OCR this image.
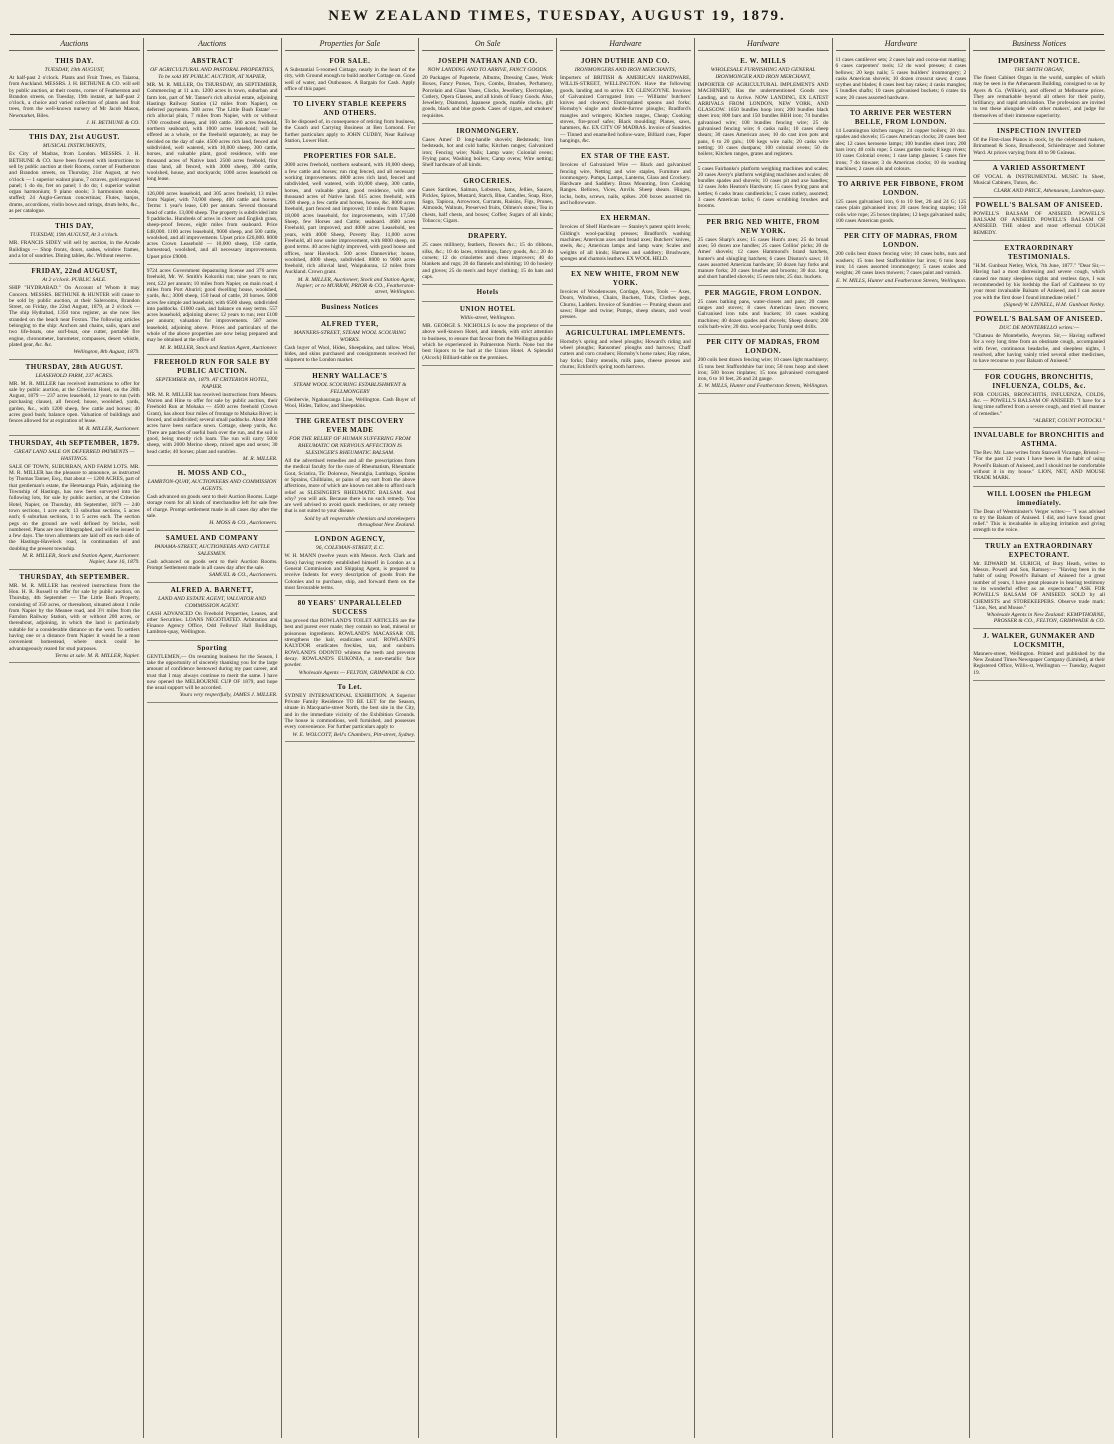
NEW ZEALAND TIMES, TUESDAY, AUGUST 19, 1879.
Auctions
THIS DAY.
TUESDAY, 19th AUGUST,
At half-past 2 o'clock. Plants and Fruit Trees, ex Taiaroa, from Auckland. MESSRS. J. H. BETHUNE & CO. will sell by public auction, at their rooms, corner of Featherston and Brandon streets, on Tuesday, 19th instant, at half-past 2 o'clock, a choice and varied collection of plants and fruit trees, from the well-known nursery of Mr Jacob Mason, Newmarket, Biles.
J. H. BETHUNE & CO.
THIS DAY, 21st AUGUST.
MUSICAL INSTRUMENTS,
Ex City of Madras, from London. MESSRS. J. H. BETHUNE & CO. have been favored with instructions to sell by public auction at their Rooms, corner of Featherston and Brandon streets, on Thursday, 21st August, at two o'clock — 1 superior walnut piano, 7 octaves, gold engraved panel; 1 do do, fret on panel; 1 do do; 1 superior walnut organ harmonium; 9 plano stools; 3 harmonium stools, stuffed; 24 Anglo-German concertinas; Flutes, banjos, drums, accordions, violin bows and strings, drum belts, &c., as per catalogue.
THIS DAY,
TUESDAY, 19th AUGUST, At 3 o'clock.
MR. FRANCIS SIDEY will sell by auction, in the Arcade Buildings — Shop fronts, doors, sashes, window frames, and a lot of sundries. Dining tables, &c. Without reserve.
FRIDAY, 22nd AUGUST,
At 2 o'clock. PUBLIC SALE.
SHIP "HYDRABAD." On Account of Whom it may Concern. MESSRS. BETHUNE & HUNTER will cause to be sold by public auction, at their Salerooms, Brandon Street, on Friday, the 22nd August, 1879, at 2 o'clock — The ship Hydrabad, 1350 tons register, as she now lies stranded on the beach near Foxton. The following articles belonging to the ship: Anchors and chains, sails, spars and two life-boats, one surf-boat, one cutter, portable fire engine, chronometer, barometer, compasses, desert whistle, plated gear, &c. &c.
Wellington, 8th August, 1879.
THURSDAY, 28th AUGUST.
LEASEHOLD FARM, 237 ACRES.
MR. M. R. MILLER has received instructions to offer for sale by public auction, at the Criterion Hotel, on the 28th August, 1879 — 237 acres leasehold, 12 years to run (with purchasing clause), all fenced; house, woolshed, yards, garden, &c., with 1200 sheep, few cattle and horses; 40 acres good bush; balance open. Valuation of buildings and fences allowed for at expiration of lease.
M. R. MILLER, Auctioneer.
THURSDAY, 4th SEPTEMBER, 1879.
GREAT LAND SALE ON DEFERRED PAYMENTS — HASTINGS.
SALE OF TOWN, SUBURBAN, AND FARM LOTS. MR. M. R. MILLER has the pleasure to announce, as instructed by Thomas Tanner, Esq., that about — 1200 ACRES, part of that gentleman's estate, the Heretaunga Plain, adjoining the Township of Hastings, has now been surveyed into the following lots, for sale by public auction, at the Criterion Hotel, Napier, on Thursday, 4th September, 1879 — 240 town sections, 1 acre each; 13 suburban sections, 5 acres each; 6 suburban sections, 1 to 5 acres each. The section pegs on the ground are well defined by bricks, well numbered. Plans are now lithographed, and will be issued in a few days. The town allotments are laid off on each side of the Hastings-Havelock road, in continuation of and doubling the present township.
M. R. MILLER, Stock and Station Agent, Auctioneer. Napier, June 16, 1879.
THURSDAY, 4th SEPTEMBER.
MR. M. R. MILLER has received instructions from the Hon. H. R. Russell to offer for sale by public auction, on Thursday, 4th September — The Little Bush Property, consisting of 350 acres, or thereabout, situated about 1 mile from Napier by the Meanee road, and 3½ miles from the Farndon Railway Station, with or without 200 acres, or thereabout, adjoining, in which the land is particularly suitable for a considerable distance on the west. To settlers having one or a distance from Napier it would be a most convenient homestead, where stock could be advantageously reared for stud purposes.
Terms at sale. M. R. MILLER, Napier.
Auctions
ABSTRACT
OF AGRICULTURAL AND PASTORAL PROPERTIES, To be sold BY PUBLIC AUCTION, AT NAPIER,
MR. M. R. MILLER, On THURSDAY, 4th SEPTEMBER, Commencing at 11 a.m. 1200 acres in town, suburban and farm lots, part of Mr. Tanner's rich alluvial estate, adjoining Hastings Railway Station (12 miles from Napier), on deferred payments. 300 acres 'The Little Bush Estate' — rich alluvial plain, 7 miles from Napier, with or without 1700 crossbred sheep, and 160 cattle. 300 acres freehold, northern seaboard, with 1000 acres leasehold; will be offered as a whole, or the freehold separately, as may be decided on the day of sale. 4500 acres rich land, fenced and subdivided, well watered, with 10,000 sheep, 300 cattle, horses, and valuable plant, good residence, with one thousand acres of Native land. 2500 acres freehold, first class land, all fenced, with 3000 sheep, 300 cattle, woolshed, house, and stockyards; 1000 acres leasehold on long lease.
126,000 acres leasehold, and 305 acres freehold, 13 miles from Napier, with 74,000 sheep, 400 cattle and horses. Terms: 1 year's lease, £40 per annum. Several thousand head of cattle. 13,000 sheep. The property is subdivided into 9 paddocks. Hundreds of acres in clover and English grass, sheep-proof fences, eight miles from seaboard. Price £48,000. 1100 acres leasehold, 9000 sheep, and 500 cattle, woolshed, and all improvements. Upset price £26,000. 8000 acres Crown Leasehold — 10,000 sheep, 150 cattle, homestead, woolshed, and all necessary improvements. Upset price £9000.
9724 acres Government depasturing license and 376 acres freehold, Mr. W. Smith's Kokoriki run; nine years to run; rent, £22 per annum; 10 miles from Napier, on main road; 4 miles from Port Ahuriri; good dwelling house, woolshed, yards, &c.; 3000 sheep, 150 head of cattle, 20 horses. 5000 acres fee simple and leasehold, with 6500 sheep, subdivided into paddocks. £1000 cash, and balance on easy terms. 557 acres leasehold, adjoining above; 12 years to run; rent £100 per annum; valuation for improvements. 587 acres leasehold, adjoining above. Prices and particulars of the whole of the above properties are now being prepared and may be obtained at the office of
M. R. MILLER, Stock and Station Agent, Auctioneer.
FREEHOLD RUN FOR SALE BY PUBLIC AUCTION.
SEPTEMBER 4th, 1879. AT CRITERION HOTEL, NAPIER.
MR. M. R. MILLER has received instructions from Messrs. Warren and Hine to offer for sale by public auction, their Freehold Run at Mohaka — 4500 acres freehold (Crown Grant), has about four miles of frontage to Mohaka River; is fenced, and subdivided; several small paddocks. About 3000 acres have been surface sown. Cottage, sheep yards, &c. There are patches of useful bush over the run, and the soil is good, being mostly rich loam. The run will carry 5000 sheep, with 2000 Merino sheep, mixed ages and sexes; 30 head cattle; 40 horses; plant and sundries.
M. R. MILLER.
H. MOSS AND CO.,
LAMBTON-QUAY, AUCTIONEERS AND COMMISSION AGENTS.
Cash advanced on goods sent to their Auction Rooms. Large storage room for all kinds of merchandise left for sale free of charge. Prompt settlement made in all cases day after the sale.
H. MOSS & CO., Auctioneers.
SAMUEL AND COMPANY
PANAMA-STREET, AUCTIONEERS AND CATTLE SALESMEN.
Cash advanced on goods sent to their Auction Rooms. Prompt Settlement made in all cases day after the sale.
SAMUEL & CO., Auctioneers.
ALFRED A. BARNETT,
LAND AND ESTATE AGENT, VALUATOR AND COMMISSION AGENT.
CASH ADVANCED On Freehold Properties, Leases, and other Securities. LOANS NEGOTIATED. Arbitration and Finance Agency Office, Odd Fellows' Hall Buildings, Lambton-quay, Wellington.
Sporting
GENTLEMEN,— On resuming business for the Season, I take the opportunity of sincerely thanking you for the large amount of confidence bestowed during my past career, and trust that I may always continue to merit the same. I have now opened the MELBOURNE CUP OF 1879, and hope the usual support will be accorded.
Yours very respectfully, JAMES J. MILLER.
Properties for Sale
FOR SALE.
A Substantial 5-roomed Cottage, nearly in the heart of the city, with Ground enough to build another Cottage on. Good well of water, and Outhouses. A Bargain for Cash. Apply office of this paper.
TO LIVERY STABLE KEEPERS AND OTHERS.
To be disposed of, in consequence of retiring from business, the Coach and Carrying Business at Ben Lomond. For further particulars apply to JOHN CUDBY, Near Railway Station, Lower Hutt.
PROPERTIES FOR SALE.
3000 acres freehold, northern seaboard, with 10,000 sheep, a few cattle and horses; run ring fenced, and all necessary working improvements. 4800 acres rich land, fenced and subdivided, well watered, with 10,000 sheep, 300 cattle, horses, and valuable plant, good residence, with one thousand acres of Native land. 615 acres freehold, with 1200 sheep, a few cattle and horses, house, &c. 8000 acres freehold, part fenced and improved; 10 miles from Napier. 18,000 acres leasehold, for improvements, with 17,500 Sheep, few Horses and Cattle; seaboard. 4600 acres Freehold, part improved, and 4000 acres Leasehold, ten years, with 4000 Sheep, Poverty Bay. 11,000 acres Freehold, all now under improvement, with 8000 sheep, on good terms. 40 acres highly improved, with good house and offices, near Havelock. 500 acres Dannevirke; house, woolshed, 4000 sheep, subdivided. 8000 to 9000 acres freehold, rich alluvial land, Waipukurau, 12 miles from Auckland. Crown grant.
M. R. MILLER, Auctioneer, Stock and Station Agent, Napier; or to MURRAY, PRIOR & CO., Featherston-street, Wellington.
Business Notices
ALFRED TYER,
MANNERS-STREET, STEAM WOOL SCOURING WORKS.
Cash buyer of Wool, Hides, Sheepskins, and tallow. Wool, hides, and skins purchased and consignments received for shipment to the London market.
HENRY WALLACE'S
STEAM WOOL SCOURING ESTABLISHMENT & FELLMONGERY
Glenbervie, Ngahauranga Line, Wellington. Cash Buyer of Wool, Hides, Tallow, and Sheepskins.
THE GREATEST DISCOVERY EVER MADE
FOR THE RELIEF OF HUMAN SUFFERING FROM RHEUMATIC OR NERVOUS AFFECTION IS SLESINGER'S RHEUMATIC BALSAM.
All the advertised remedies and all the prescriptions from the medical faculty for the cure of Rheumatism, Rheumatic Gout, Sciatica, Tic Doloreux, Neuralgia, Lumbago, Sprains or Sprains, Chilblains, or pains of any sort from the above affections, more of which are known not able to afford such relief as SLESINGER'S RHEUMATIC BALSAM. And why? you will ask. Because there is no such remedy. You are well advised to avoid quack medicines, or any remedy that is not suited to your disease.
Sold by all respectable chemists and storekeepers throughout New Zealand.
LONDON AGENCY,
96, COLEMAN-STREET, E.C.
W. H. MANN (twelve years with Messrs. Arch. Clark and Sons) having recently established himself in London as a General Commission and Shipping Agent, is prepared to receive Indents for every description of goods from the Colonies and to purchase, ship, and forward them on the most favourable terms.
80 YEARS' UNPARALLELED SUCCESS
has proved that ROWLAND'S TOILET ARTICLES are the best and purest ever made; they contain no lead, mineral or poisonous ingredients. ROWLAND'S MACASSAR OIL strengthens the hair, eradicates scurf. ROWLAND'S KALYDOR eradicates freckles, tan, and sunburn. ROWLAND'S ODONTO whitens the teeth and prevents decay. ROWLAND'S EUKONIA, a non-metallic face powder.
Wholesale Agents — FELTON, GRIMWADE & CO.
To Let.
SYDNEY INTERNATIONAL EXHIBITION. A Superior Private Family Residence TO BE LET for the Season, situate in Macquarie-street North, the best site in the City, and in the immediate vicinity of the Exhibition Grounds. The house is commodious, well furnished, and possesses every convenience. For further particulars apply to
W. E. WOLCOTT, Bell's Chambers, Pitt-street, Sydney.
On Sale
JOSEPH NATHAN AND CO.
NOW LANDING AND TO ARRIVE, FANCY GOODS.
20 Packages of Papeterie, Albums, Dressing Cases, Work Boxes, Fancy Purses, Toys, Combs, Brushes, Perfumery, Porcelain and Glass Vases, Clocks, Jewellery, Electroplate, Cutlery, Opera Glasses, and all kinds of Fancy Goods. Also, Jewellery, Diamond, Japanese goods, marble clocks, gilt goods, black and blue goods. Cases of cigars, and smokers' requisites.
IRONMONGERY.
Cases Ames' D long-handle shovels; Bedsteads; Iron bedsteads, hot and cold baths; Kitchen ranges; Galvanized iron; Fencing wire; Nails; Lamp ware; Colonial ovens; Frying pans; Washing boilers; Camp ovens; Wire netting; Shelf hardware of all kinds.
GROCERIES.
Cases Sardines, Salmon, Lobsters, Jams, Jellies, Sauces, Pickles, Spices, Mustard, Starch, Blue, Candles, Soap, Rice, Sago, Tapioca, Arrowroot, Currants, Raisins, Figs, Prunes, Almonds, Walnuts, Preserved fruits, Oilmen's stores; Tea in chests, half chests, and boxes; Coffee; Sugars of all kinds; Tobacco; Cigars.
DRAPERY.
25 cases millinery, feathers, flowers &c.; 15 do ribbons, silks, &c.; 10 do laces, trimmings, fancy goods, &c.; 20 do corsets; 12 do crinolettes and dress improvers; 40 do blankets and rugs; 20 do flannels and shirting; 10 do hosiery and gloves; 25 do men's and boys' clothing; 15 do hats and caps.
Hotels
UNION HOTEL
Willis-street, Wellington.
MR. GEORGE S. NICHOLLS Is now the proprietor of the above well-known Hotel, and intends, with strict attention to business, to ensure that favour from the Wellington public which he experienced in Palmerston North. None but the best liquors to be had at the Union Hotel. A Splendid (Alcock) Billiard-table on the premises.
Hardware
JOHN DUTHIE AND CO.
IRONMONGERS AND IRON MERCHANTS,
Importers of BRITISH & AMERICAN HARDWARE, WILLIS-STREET, WELLINGTON. Have the following goods, landing and to arrive. EX GLENGOYNE. Invoices of Galvanized Corrugated Iron — Williams' butchers' knives and cleavers; Electroplated spoons and forks; Hornsby's single and double-furrow ploughs; Bradford's mangles and wringers; Kitchen ranges, Cheap; Cooking stoves, fire-proof safes; Black moulding; Planes, saws, hammers, &c. EX CITY OF MADRAS. Invoice of Sundries — Tinned and enamelled hollow-ware, Billiard cues, Paper hangings, &c.
EX STAR OF THE EAST.
Invoices of Galvanized Wire — Black and galvanized fencing wire, Netting and wire staples, Furniture and ironmongery. Pumps, Lamps, Lanterns, Glass and Crockery. Hardware and Saddlery. Brass Mounting, Iron Cooking Ranges. Bellows, Vices, Anvils. Sheep shears. Hinges, locks, bolts, screws, nails, spikes. 200 boxes assorted tin and hollowware.
EX HERMAN.
Invoices of Shelf Hardware — Stanley's patent spirit levels; Gilding's wool-packing presses; Bradford's washing machines; American axes and broad axes; Butchers' knives, steels, &c.; American lamps and lamp ware; Scales and weights of all kinds; Harness and saddlery; Brushware, sponges and chamois leathers. EX WOOL HELD.
EX NEW WHITE, FROM NEW YORK.
Invoices of Woodenware, Cordage, Axes, Tools — Axes, Doors, Windows, Chairs, Buckets, Tubs, Clothes pegs, Churns, Ladders. Invoice of Sundries — Pruning shears and saws; Rope and twine; Pumps, sheep shears, and wool presses.
AGRICULTURAL IMPLEMENTS.
Hornsby's spring and wheel ploughs; Howard's riding and wheel ploughs; Ransomes' ploughs and harrows; Chaff cutters and corn crushers; Hornsby's horse rakes; Hay rakes, hay forks; Dairy utensils, milk pans, cheese presses and churns; Eckford's spring tooth harrows.
Hardware
E. W. MILLS
WHOLESALE FURNISHING AND GENERAL IRONMONGER AND IRON MERCHANT,
IMPORTER OF AGRICULTURAL IMPLEMENTS AND MACHINERY, Has the undermentioned Goods now Landing, and to Arrive. NOW LANDING, EX LATEST ARRIVALS FROM LONDON, NEW YORK, AND GLASGOW. 1650 bundles hoop iron; 200 bundles black sheet iron; 800 bars and 150 bundles BBH iron; 74 bundles galvanised wire; 100 bundles fencing wire; 25 do galvanised fencing wire; 6 casks nails; 10 cases sheep shears; 30 cases American axes; 10 do cast iron pots and pans, 6 to 20 gals.; 100 kegs wire nails; 20 casks wire netting; 10 cases dustpans; 100 colonial ovens; 50 do boilers; Kitchen ranges, grates and registers.
5 cases Fairbanks's platform weighing machines and scales; 20 cases Avery's platform weighing machines and scales; 40 bundles spades and shovels; 10 cases pit and axe handles; 12 cases John Heaton's Hardware; 15 cases frying pans and kettles; 6 casks brass candlesticks; 5 cases cutlery, assorted; 3 cases American tacks; 6 cases scrubbing brushes and brooms.
PER BRIG NED WHITE, FROM NEW YORK.
25 cases Sharp's axes; 15 cases Hunt's axes; 25 do broad axes; 50 dozen axe handles; 25 cases Collins' picks; 20 do Ames' shovels; 12 cases Hammond's brand hatchets, hunter's and shingling hatchets; 6 cases Disston's saws; 10 cases assorted American hardware; 50 dozen hay forks and manure forks; 20 cases brushes and brooms; 30 doz. long and short handled shovels; 15 nests tubs; 25 doz. buckets.
PER MAGGIE, FROM LONDON.
25 cases bathing pans, water-closets and pans; 20 cases ranges and stoves; 8 cases American lawn mowers; Galvanised iron tubs and buckets; 10 cases washing machines; 40 dozen spades and shovels; Sheep shears; 200 coils barb-wire; 20 doz. wool-packs; Turnip seed drills.
PER CITY OF MADRAS, FROM LONDON.
200 coils best drawn fencing wire; 10 cases light machinery; 15 tons best Staffordshire bar iron; 50 tons hoop and sheet iron; 500 boxes tinplates; 15 tons galvanised corrugated iron, 6 to 10 feet, 26 and 24 gauge.
E. W. MILLS, Hunter and Featherston Streets, Wellington.
Hardware
11 cases cantilever sets; 2 cases hair and cocoa-nut matting; 6 cases carpenters' tools; 12 do wool presses; 4 cases bellows; 20 kegs nails; 5 cases builders' ironmongery; 2 casks American shovels; 10 dozen crosscut saws; 4 cases scythes and blades; 8 cases best hay rakes; 4 casks mangles; 5 bundles shafts; 10 cases galvanised buckets; 6 crates tin ware; 20 cases assorted hardware.
TO ARRIVE PER WESTERN BELLE, FROM LONDON.
14 Leamington kitchen ranges; 24 copper boilers; 20 doz. spades and shovels; 15 cases American clocks; 20 cases best ales; 12 cases kerosene lamps; 100 bundles sheet iron; 200 bars iron; 40 coils rope; 5 cases garden tools; 8 kegs rivets; 10 cases Colonial ovens; 1 case lamp glasses; 5 cases fire irons; 7 do tinware; 3 do American clocks; 10 do washing machines; 2 cases oils and colours.
TO ARRIVE PER FIBBONE, FROM LONDON.
125 cases galvanised iron, 6 to 10 feet, 26 and 24 G; 125 cases plain galvanised iron; 20 cases fencing staples; 150 coils wire rope; 25 boxes tinplates; 12 kegs galvanised nails; 100 cases American goods.
PER CITY OF MADRAS, FROM LONDON.
200 coils best drawn fencing wire; 10 cases bolts, nuts and washers; 15 tons best Staffordshire bar iron; 6 tons hoop iron; 14 cases assorted ironmongery; 5 cases scales and weights; 20 cases lawn mowers; 7 cases paint and varnish.
E. W. MILLS, Hunter and Featherston Streets, Wellington.
Business Notices
IMPORTANT NOTICE.
THE SMITH ORGAN,
The finest Cabinet Organ in the world, samples of which may be seen in the Athenaeum Building, consigned to us by Ayers & Co. (Wilkie's), and offered at Melbourne prices. They are remarkable beyond all others for their purity, brilliancy, and rapid articulation. The profession are invited to test these alongside with other makers', and judge for themselves of their immense superiority.
INSPECTION INVITED
Of the First-class Pianos in stock, by the celebrated makers, Brinsmead & Sons, Broadwood, Schiedmayer and Sohmer Ward. At prices varying from 40 to 90 Guineas.
A VARIED ASSORTMENT
OF VOCAL & INSTRUMENTAL MUSIC In Sheet, Musical Cabinets, Tutors, &c.
CLARK AND PRICE, Athenaeum, Lambton-quay.
POWELL'S BALSAM OF ANISEED.
POWELL'S BALSAM OF ANISEED. POWELL'S BALSAM OF ANISEED. POWELL'S BALSAM OF ANISEED. THE oldest and most effectual COUGH REMEDY.
EXTRAORDINARY TESTIMONIALS.
"H.M. Gunboat Netley, Wick, 7th June, 1877." "Dear Sir,— Having had a most distressing and severe cough, which caused me many sleepless nights and restless days, I was recommended by his lordship the Earl of Caithness to try your most invaluable Balsam of Aniseed, and I can assure you with the first dose I found immediate relief."
(Signed) W. LINNELL, H.M. Gunboat Netley.
POWELL'S BALSAM OF ANISEED.
DUC DE MONTEBELLO writes:—
"Chateau de Montebello, Aveyron. Sir,— Having suffered for a very long time from an obstinate cough, accompanied with fever, continuous headache, and sleepless nights, I resolved, after having vainly tried several other medicines, to have recourse to your Balsam of Aniseed."
FOR COUGHS, BRONCHITIS, INFLUENZA, COLDS, &c.
FOR COUGHS, BRONCHITIS, INFLUENZA, COLDS, &c. — POWELL'S BALSAM OF ANISEED. "I have for a long time suffered from a severe cough, and tried all manner of remedies."
"ALBERT, COUNT POTOCKI."
INVALUABLE for BRONCHITIS and ASTHMA.
The Rev. Mr. Lane writes from Stanwell Vicarage, Bristol:— "For the past 12 years I have been in the habit of using Powell's Balsam of Aniseed, and I should not be comfortable without it in my house." LION, NET, AND MOUSE TRADE MARK.
WILL LOOSEN the PHLEGM immediately.
The Dean of Westminster's Verger writes:— "I was advised to try the Balsam of Aniseed. I did, and have found great relief." This is invaluable in allaying irritation and giving strength to the voice.
TRULY an EXTRAORDINARY EXPECTORANT.
Mr. EDWARD M. ULRICH, of Bury Heath, writes to Messrs. Powell and Son, Ramsey:— "Having been in the habit of using Powell's Balsam of Aniseed for a great number of years, I have great pleasure in bearing testimony to its wonderful effect as an expectorant." ASK FOR POWELL'S BALSAM OF ANISEED. SOLD by all CHEMISTS and STOREKEEPERS. Observe trade mark: "Lion, Net, and Mouse."
Wholesale Agents in New Zealand: KEMPTHORNE, PROSSER & CO., FELTON, GRIMWADE & CO.
J. WALKER, GUNMAKER AND LOCKSMITH,
Manners-street, Wellington. Printed and published by the New Zealand Times Newspaper Company (Limited), at their Registered Office, Willis-st, Wellington — Tuesday, August 19.
